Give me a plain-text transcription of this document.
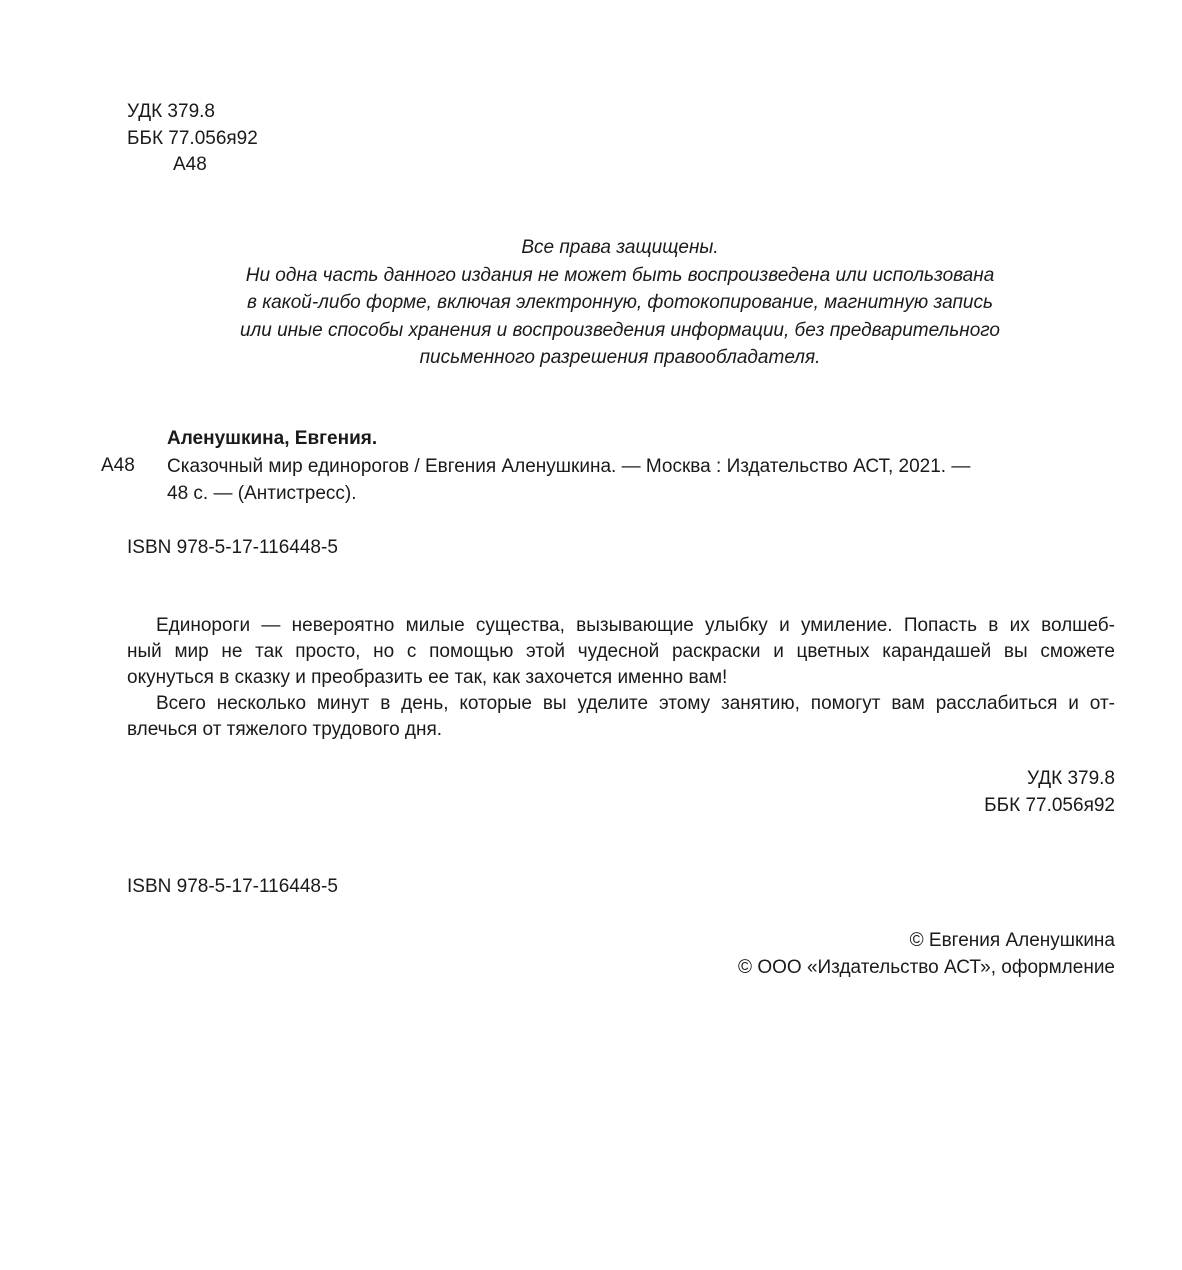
УДК 379.8
ББК 77.056я92
А48
Все права защищены.
Ни одна часть данного издания не может быть воспроизведена или использована
в какой-либо форме, включая электронную, фотокопирование, магнитную запись
или иные способы хранения и воспроизведения информации, без предварительного
письменного разрешения правообладателя.
Аленушкина, Евгения.
А48 Сказочный мир единорогов / Евгения Аленушкина. — Москва : Издательство АСТ, 2021. —
48 с. — (Антистресс).
ISBN 978-5-17-116448-5
Единороги — невероятно милые существа, вызывающие улыбку и умиление. Попасть в их волшеб-
ный мир не так просто, но с помощью этой чудесной раскраски и цветных карандашей вы сможете
окунуться в сказку и преобразить ее так, как захочется именно вам!
Всего несколько минут в день, которые вы уделите этому занятию, помогут вам расслабиться и от-
влечься от тяжелого трудового дня.
УДК 379.8
ББК 77.056я92
ISBN 978-5-17-116448-5
© Евгения Аленушкина
© ООО «Издательство АСТ», оформление
